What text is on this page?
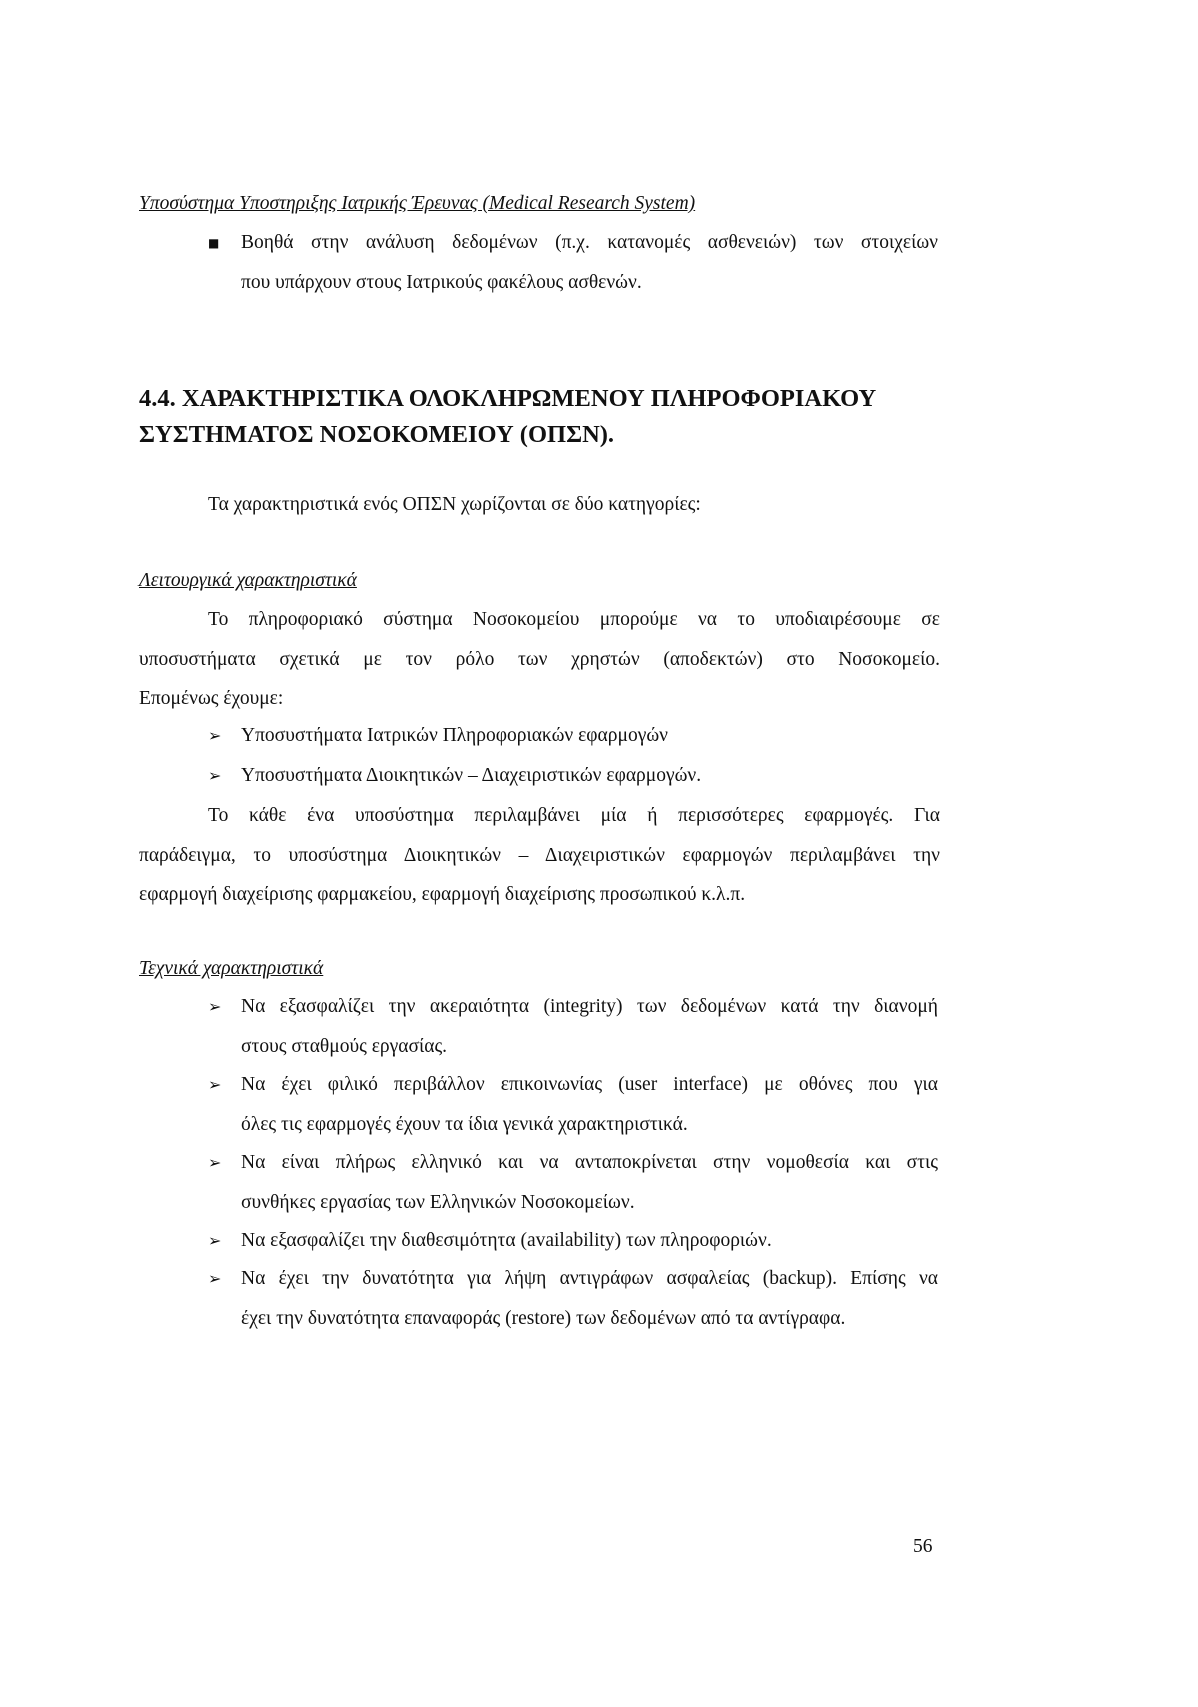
Υποσύστημα Υποστηριξης Ιατρικής Έρευνας (Medical Research System)
■ Βοηθά στην ανάλυση δεδομένων (π.χ. κατανομές ασθενειών) των στοιχείων
που υπάρχουν στους Ιατρικούς φακέλους ασθενών.
4.4. ΧΑΡΑΚΤΗΡΙΣΤΙΚΑ ΟΛΟΚΛΗΡΩΜΕΝΟΥ ΠΛΗΡΟΦΟΡΙΑΚΟΥ
ΣΥΣΤΗΜΑΤΟΣ ΝΟΣΟΚΟΜΕΙΟΥ (ΟΠΣΝ).
Τα χαρακτηριστικά ενός ΟΠΣΝ χωρίζονται σε δύο κατηγορίες:
Λειτουργικά χαρακτηριστικά
Το πληροφοριακό σύστημα Νοσοκομείου μπορούμε να το υποδιαιρέσουμε σε
υποσυστήματα σχετικά με τον ρόλο των χρηστών (αποδεκτών) στο Νοσοκομείο.
Επομένως έχουμε:
➢ Υποσυστήματα Ιατρικών Πληροφοριακών εφαρμογών
➢ Υποσυστήματα Διοικητικών – Διαχειριστικών εφαρμογών.
Το κάθε ένα υποσύστημα περιλαμβάνει μία ή περισσότερες εφαρμογές. Για
παράδειγμα, το υποσύστημα Διοικητικών – Διαχειριστικών εφαρμογών περιλαμβάνει την
εφαρμογή διαχείρισης φαρμακείου, εφαρμογή διαχείρισης προσωπικού κ.λ.π.
Τεχνικά χαρακτηριστικά
➢ Να εξασφαλίζει την ακεραιότητα (integrity) των δεδομένων κατά την διανομή
στους σταθμούς εργασίας.
➢ Να έχει φιλικό περιβάλλον επικοινωνίας (user interface) με οθόνες που για
όλες τις εφαρμογές έχουν τα ίδια γενικά χαρακτηριστικά.
➢ Να είναι πλήρως ελληνικό και να ανταποκρίνεται στην νομοθεσία και στις
συνθήκες εργασίας των Ελληνικών Νοσοκομείων.
➢ Να εξασφαλίζει την διαθεσιμότητα (availability) των πληροφοριών.
➢ Να έχει την δυνατότητα για λήψη αντιγράφων ασφαλείας (backup). Επίσης να
έχει την δυνατότητα επαναφοράς (restore) των δεδομένων από τα αντίγραφα.
56
